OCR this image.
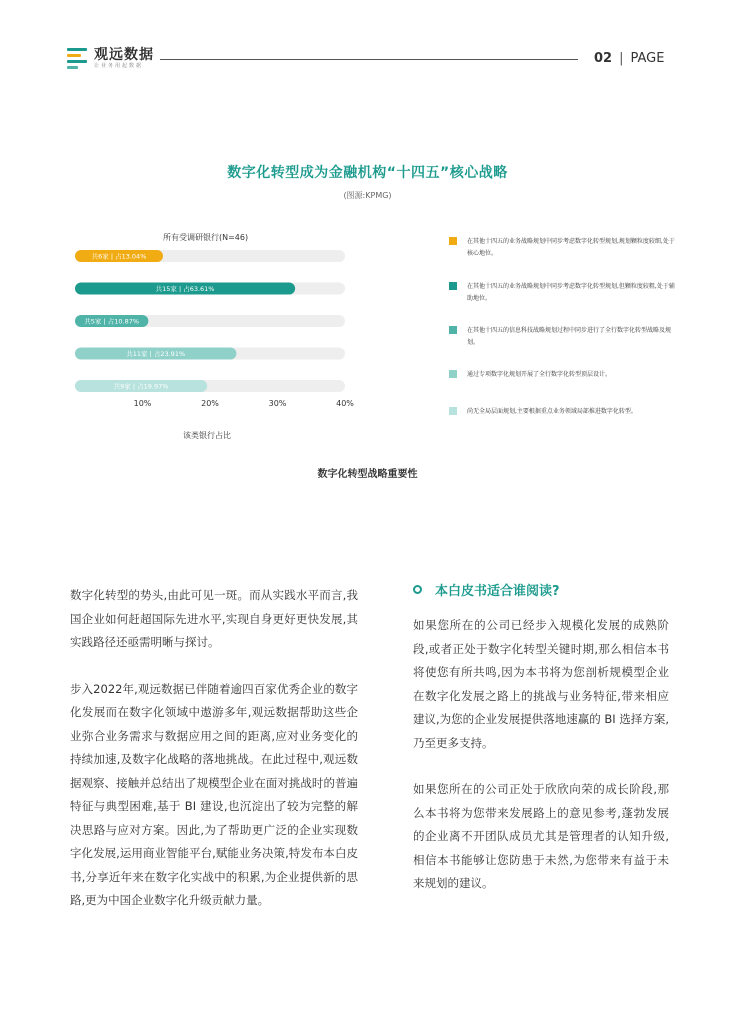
观远数据
让业务用起数据	02 | PAGE
数字化转型成为金融机构“十四五”核心战略
(图源:KPMG)
所有受调研银行(N=46)
共6家 | 占13.04%
共15家 | 占63.61%
共5家 | 占10.87%
共11家 | 占23.91%
共9家 | 占19.97%
10%	20%	30%	40%
该类银行占比
数字化转型战略重要性
在其他十四五的业务战略规划中同步考虑数字化转型规划,规划颗粒度较细,处于核心地位。
在其他十四五的业务战略规划中同步考虑数字化转型规划,但颗粒度较粗,处于辅助地位。
在其他十四五的信息科技战略规划过程中同步进行了全行数字化转型战略及规划。
通过专项数字化规划开展了全行数字化转型顶层设计。
尚无全局层面规划,主要根据重点业务领域局部推进数字化转型。

数字化转型的势头,由此可见一斑。而从实践水平而言,我国企业如何赶超国际先进水平,实现自身更好更快发展,其实践路径还亟需明晰与探讨。

步入2022年,观远数据已伴随着逾四百家优秀企业的数字化发展而在数字化领域中遨游多年,观远数据帮助这些企业弥合业务需求与数据应用之间的距离,应对业务变化的持续加速,及数字化战略的落地挑战。在此过程中,观远数据观察、接触并总结出了规模型企业在面对挑战时的普遍特征与典型困难,基于 BI 建设,也沉淀出了较为完整的解决思路与应对方案。因此,为了帮助更广泛的企业实现数字化发展,运用商业智能平台,赋能业务决策,特发布本白皮书,分享近年来在数字化实战中的积累,为企业提供新的思路,更为中国企业数字化升级贡献力量。

本白皮书适合谁阅读?

如果您所在的公司已经步入规模化发展的成熟阶段,或者正处于数字化转型关键时期,那么相信本书将使您有所共鸣,因为本书将为您剖析规模型企业在数字化发展之路上的挑战与业务特征,带来相应建议,为您的企业发展提供落地速赢的 BI 选择方案,乃至更多支持。

如果您所在的公司正处于欣欣向荣的成长阶段,那么本书将为您带来发展路上的意见参考,蓬勃发展的企业离不开团队成员尤其是管理者的认知升级,相信本书能够让您防患于未然,为您带来有益于未来规划的建议。
